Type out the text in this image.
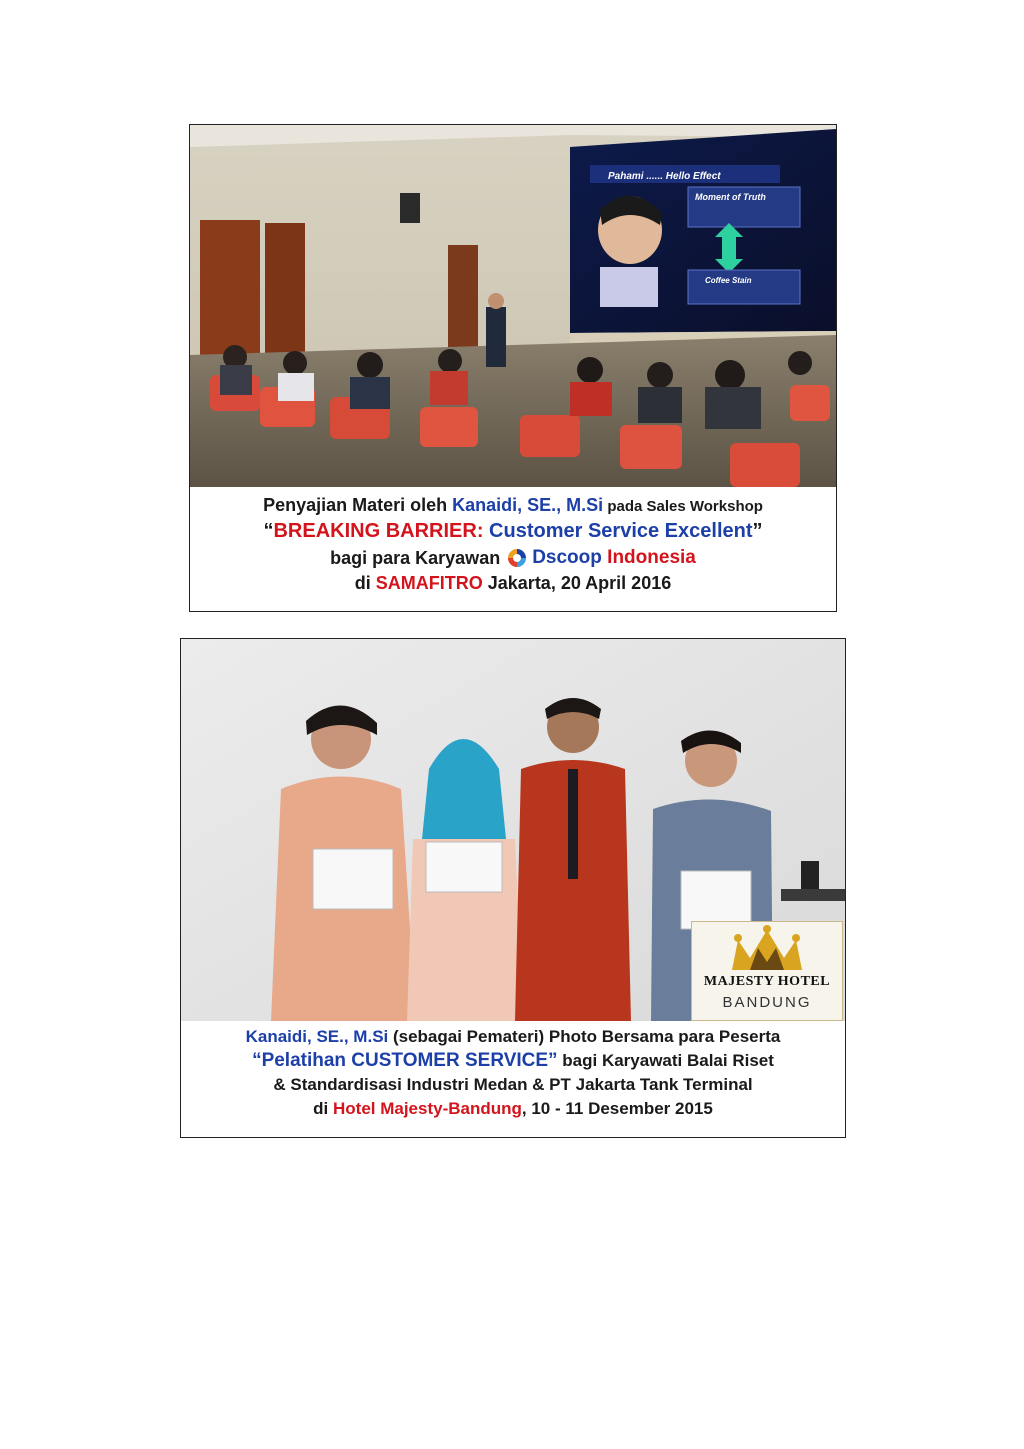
Pahami ...... Hello Effect
Moment of Truth
Coffee Stain
Penyajian Materi oleh Kanaidi, SE., M.Si pada Sales Workshop
“BREAKING BARRIER: Customer Service Excellent”
bagi para Karyawan Dscoop Indonesia
di SAMAFITRO Jakarta, 20 April 2016
MAJESTY HOTEL
BANDUNG
Kanaidi, SE., M.Si (sebagai Pemateri) Photo Bersama para Peserta
“Pelatihan CUSTOMER SERVICE” bagi Karyawati Balai Riset
& Standardisasi Industri Medan & PT Jakarta Tank Terminal
di Hotel Majesty-Bandung, 10 - 11 Desember 2015
